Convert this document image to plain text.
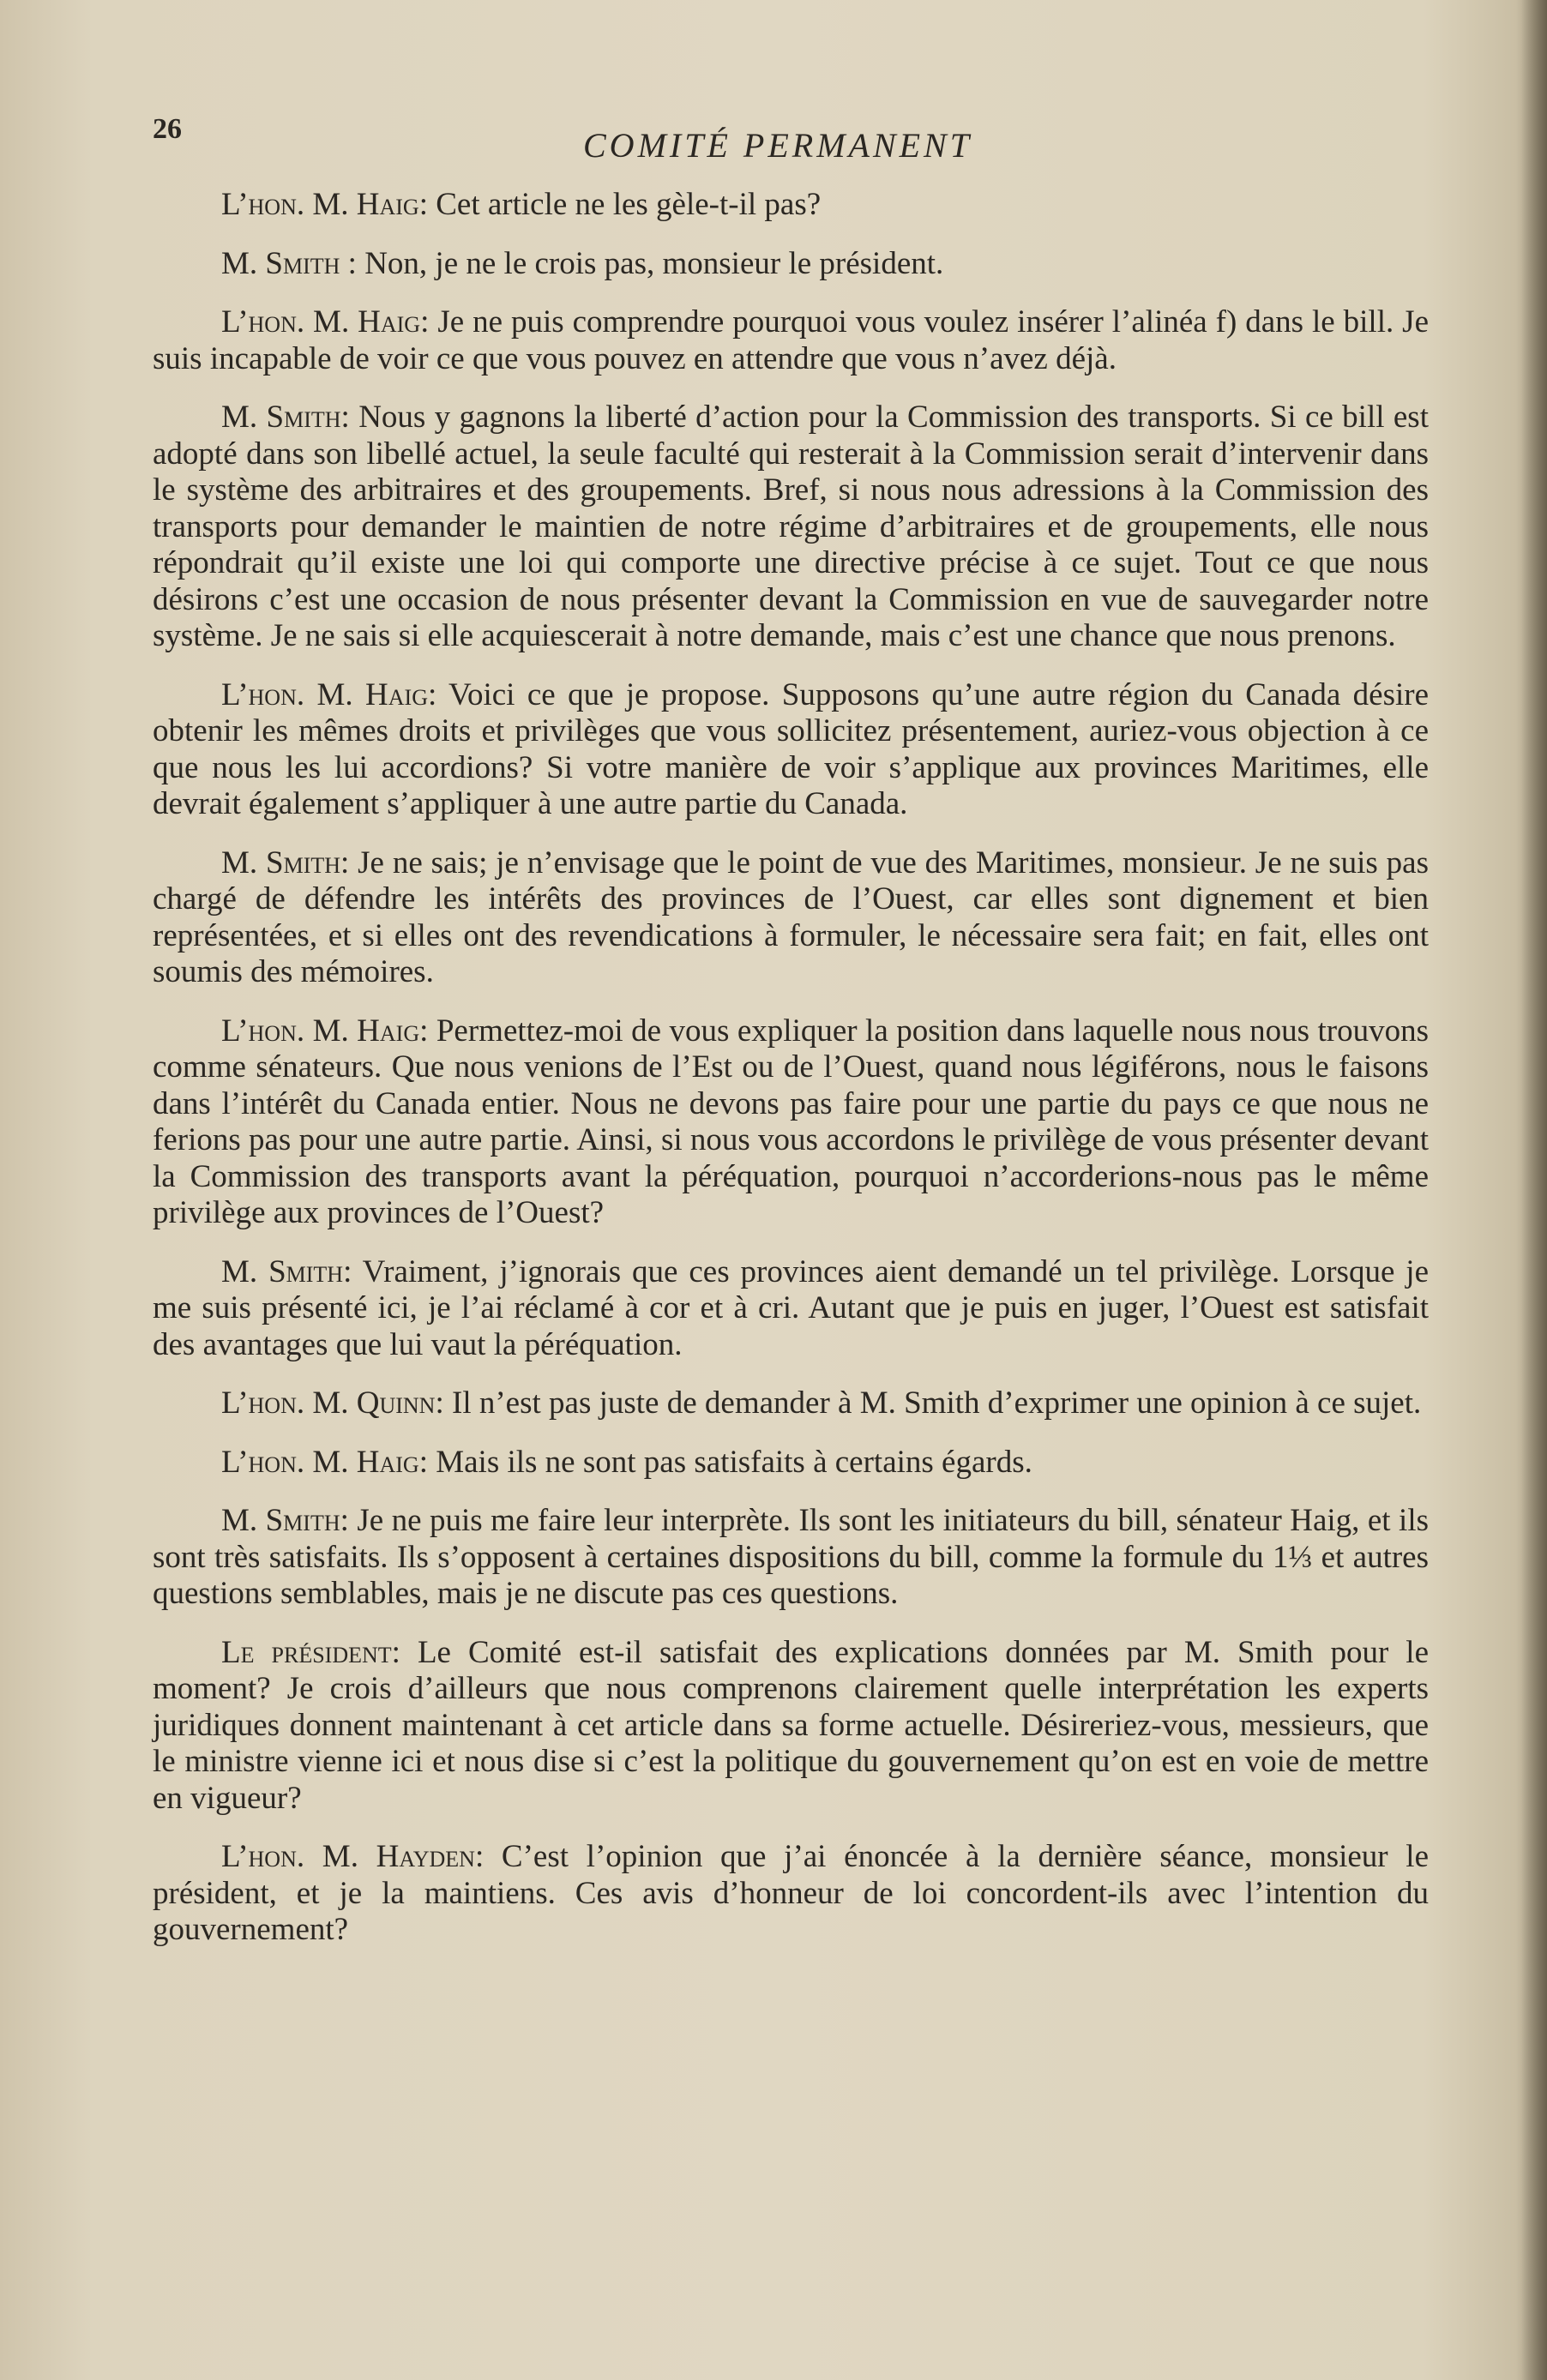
26	COMITÉ PERMANENT

L’hon. M. Haig: Cet article ne les gèle-t-il pas?

M. Smith : Non, je ne le crois pas, monsieur le président.

L’hon. M. Haig: Je ne puis comprendre pourquoi vous voulez insérer l’alinéa f) dans le bill. Je suis incapable de voir ce que vous pouvez en attendre que vous n’avez déjà.

M. Smith: Nous y gagnons la liberté d’action pour la Commission des transports. Si ce bill est adopté dans son libellé actuel, la seule faculté qui resterait à la Commission serait d’intervenir dans le système des arbitraires et des groupements. Bref, si nous nous adressions à la Commission des transports pour demander le maintien de notre régime d’arbitraires et de groupements, elle nous répondrait qu’il existe une loi qui comporte une directive précise à ce sujet. Tout ce que nous désirons c’est une occasion de nous présenter devant la Commission en vue de sauvegarder notre système. Je ne sais si elle acquiescerait à notre demande, mais c’est une chance que nous prenons.

L’hon. M. Haig: Voici ce que je propose. Supposons qu’une autre région du Canada désire obtenir les mêmes droits et privilèges que vous sollicitez présentement, auriez-vous objection à ce que nous les lui accordions? Si votre manière de voir s’applique aux provinces Maritimes, elle devrait également s’appliquer à une autre partie du Canada.

M. Smith: Je ne sais; je n’envisage que le point de vue des Maritimes, monsieur. Je ne suis pas chargé de défendre les intérêts des provinces de l’Ouest, car elles sont dignement et bien représentées, et si elles ont des revendications à formuler, le nécessaire sera fait; en fait, elles ont soumis des mémoires.

L’hon. M. Haig: Permettez-moi de vous expliquer la position dans laquelle nous nous trouvons comme sénateurs. Que nous venions de l’Est ou de l’Ouest, quand nous légiférons, nous le faisons dans l’intérêt du Canada entier. Nous ne devons pas faire pour une partie du pays ce que nous ne ferions pas pour une autre partie. Ainsi, si nous vous accordons le privilège de vous présenter devant la Commission des transports avant la péréquation, pourquoi n’accorderions-nous pas le même privilège aux provinces de l’Ouest?

M. Smith: Vraiment, j’ignorais que ces provinces aient demandé un tel privilège. Lorsque je me suis présenté ici, je l’ai réclamé à cor et à cri. Autant que je puis en juger, l’Ouest est satisfait des avantages que lui vaut la péréquation.

L’hon. M. Quinn: Il n’est pas juste de demander à M. Smith d’exprimer une opinion à ce sujet.

L’hon. M. Haig: Mais ils ne sont pas satisfaits à certains égards.

M. Smith: Je ne puis me faire leur interprète. Ils sont les initiateurs du bill, sénateur Haig, et ils sont très satisfaits. Ils s’opposent à certaines dispositions du bill, comme la formule du 1⅓ et autres questions semblables, mais je ne discute pas ces questions.

Le président: Le Comité est-il satisfait des explications données par M. Smith pour le moment? Je crois d’ailleurs que nous comprenons clairement quelle interprétation les experts juridiques donnent maintenant à cet article dans sa forme actuelle. Désireriez-vous, messieurs, que le ministre vienne ici et nous dise si c’est la politique du gouvernement qu’on est en voie de mettre en vigueur?

L’hon. M. Hayden: C’est l’opinion que j’ai énoncée à la dernière séance, monsieur le président, et je la maintiens. Ces avis d’honneur de loi concordent-ils avec l’intention du gouvernement?
